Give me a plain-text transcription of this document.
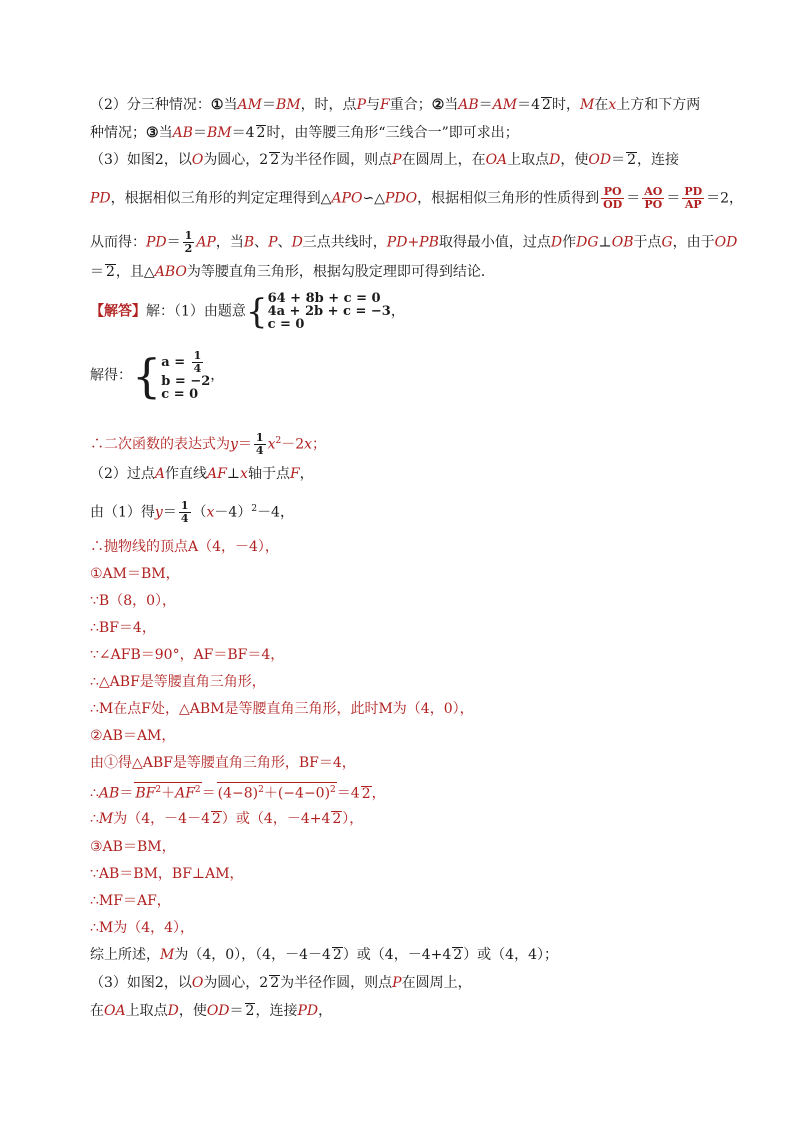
（2）分三种情况：①当AM＝BM，时，点P与F重合；②当AB＝AM＝4 2时，M在x上方和下方两
种情况；③当AB＝BM＝4 2时，由等腰三角形“三线合一”即可求出；
（3）如图2，以O为圆心，2 2为半径作圆，则点P在圆周上，在OA上取点D，使OD＝ 2，连接
PD，根据相似三角形的判定定理得到△APO∽△PDO，根据相似三角形的性质得到 $\frac{PO}{OD} = \frac{AO}{PO} = \frac{PD}{AP} =2$，
从而得：$PD= \frac{1}{2}$ AP，当B、P、D三点共线时，PD+PB取得最小值，过点D作DG⊥OB于点G，由于OD
＝ 2，且△ABO为等腰直角三角形，根据勾股定理即可得到结论．
【解答】解：（1）由题意{ 64 + 8b + c = 0
4a + 2b + c = −3
c = 0
，
解得：{ $a = \frac{1}{4}$
b = −2
c = 0
，
∴二次函数的表达式为$y= \frac{1}{4} x^2-2x$；
（2）过点A作直线AF⊥x轴于点F，
由（1）得$y= \frac{1}{4} (x-4)^2-4$，
∴抛物线的顶点A（4，－4），
①AM＝BM，
∵B（8，0），
∴BF＝4，
∵∠AFB＝90°，AF＝BF＝4，
∴△ABF是等腰直角三角形，
∴M在点F处，△ABM是等腰直角三角形，此时M为（4，0），
②AB＝AM，
由①得△ABF是等腰直角三角形，BF＝4，
∴AB＝ $BF^2+AF^2= (4-8)^2+(-4-0)^2=4$ 2，
∴M为（4，－4－4 2）或（4，－4+4 2），
③AB＝BM，
∵AB＝BM，BF⊥AM，
∴MF＝AF，
∴M为（4，4），
综上所述，M为（4，0），（4，－4－4 2）或（4，－4+4 2）或（4，4）；
（3）如图2，以O为圆心，2 2为半径作圆，则点P在圆周上，
在OA上取点D，使OD＝ 2，连接PD，
